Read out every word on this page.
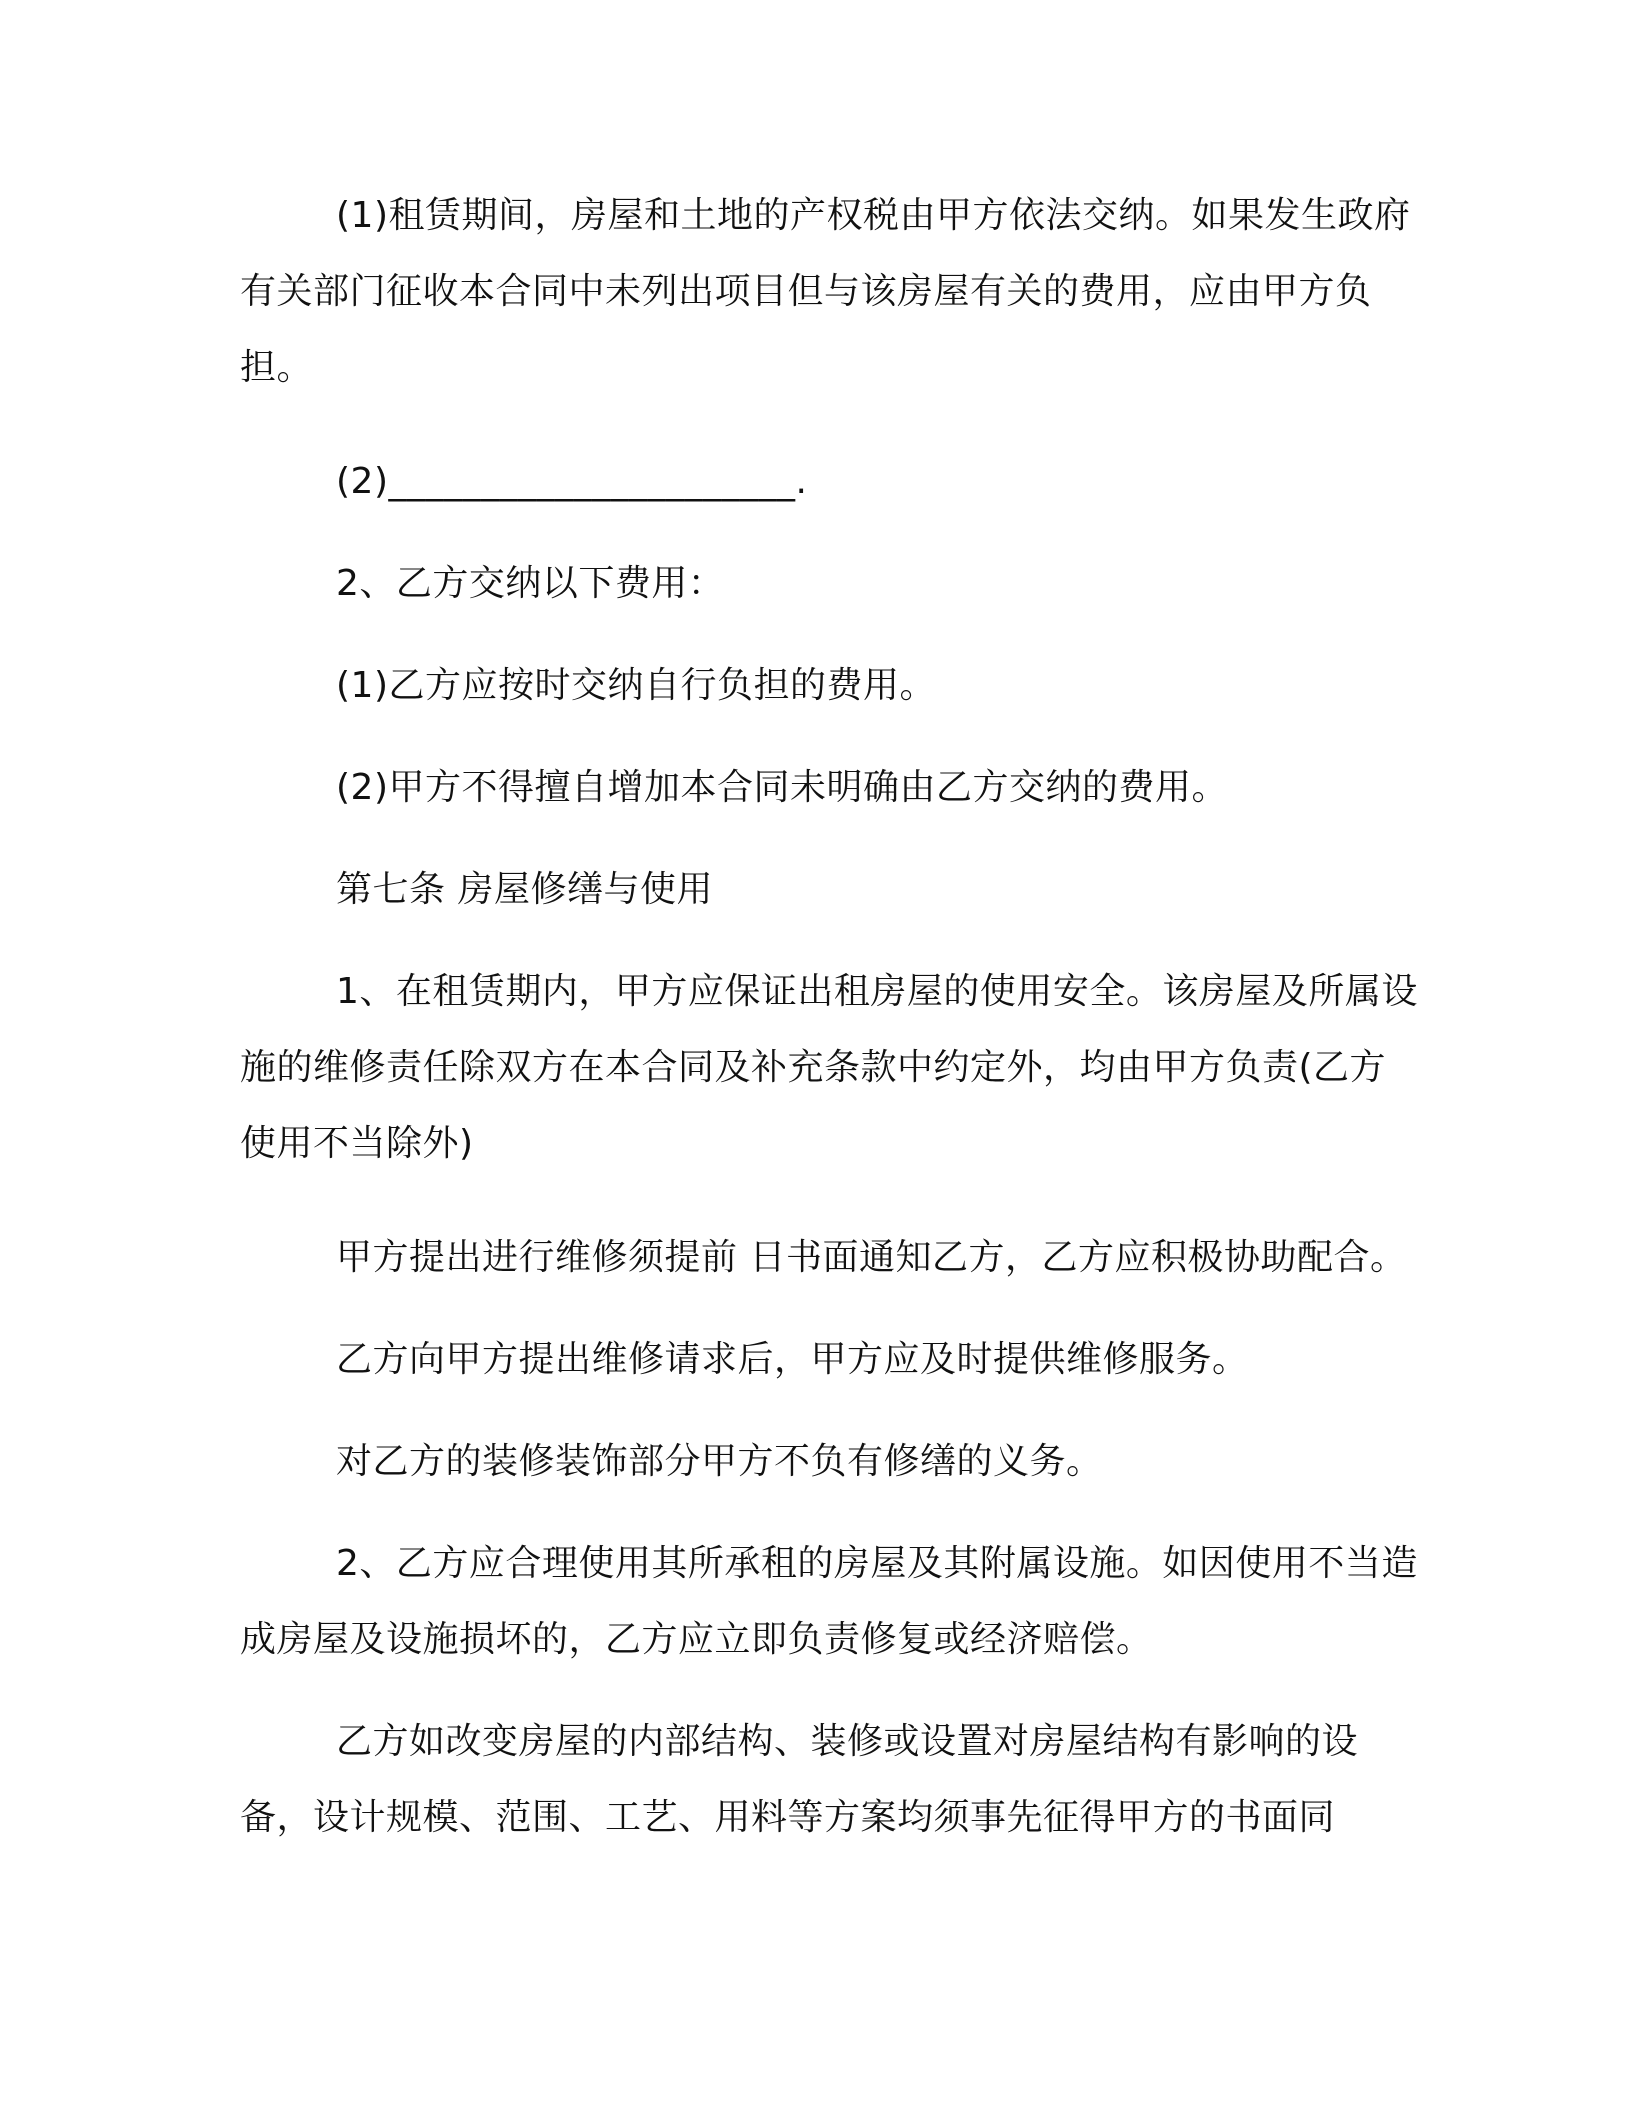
(1)租赁期间，房屋和土地的产权税由甲方依法交纳。如果发生政府有关部门征收本合同中未列出项目但与该房屋有关的费用，应由甲方负担。

(2)______________________.

2、乙方交纳以下费用：

(1)乙方应按时交纳自行负担的费用。

(2)甲方不得擅自增加本合同未明确由乙方交纳的费用。

第七条 房屋修缮与使用

1、在租赁期内，甲方应保证出租房屋的使用安全。该房屋及所属设施的维修责任除双方在本合同及补充条款中约定外，均由甲方负责(乙方使用不当除外)

甲方提出进行维修须提前 日书面通知乙方，乙方应积极协助配合。

乙方向甲方提出维修请求后，甲方应及时提供维修服务。

对乙方的装修装饰部分甲方不负有修缮的义务。

2、乙方应合理使用其所承租的房屋及其附属设施。如因使用不当造成房屋及设施损坏的，乙方应立即负责修复或经济赔偿。

乙方如改变房屋的内部结构、装修或设置对房屋结构有影响的设备，设计规模、范围、工艺、用料等方案均须事先征得甲方的书面同
